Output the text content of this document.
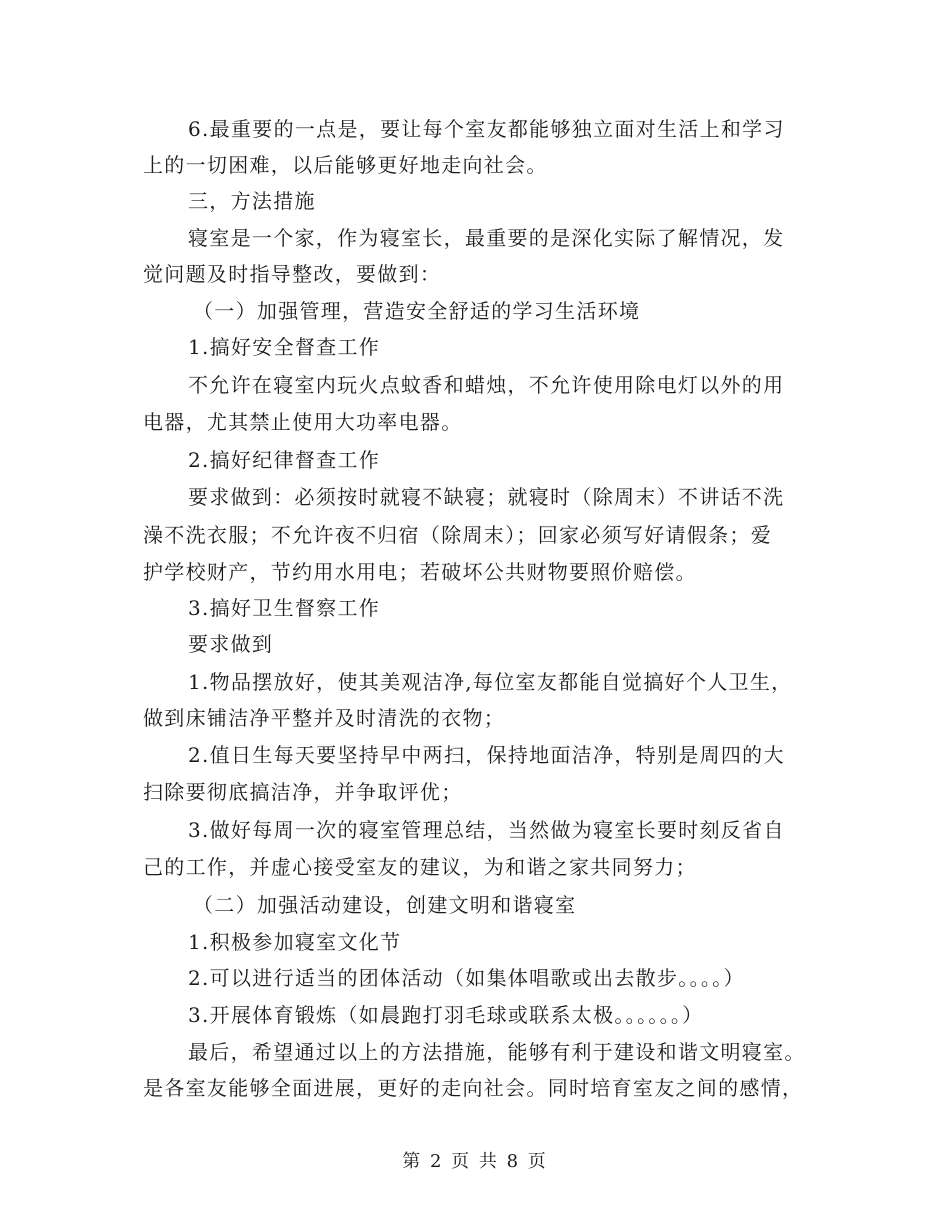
6.最重要的一点是，要让每个室友都能够独立面对生活上和学习
上的一切困难，以后能够更好地走向社会。
三，方法措施
寝室是一个家，作为寝室长，最重要的是深化实际了解情况，发
觉问题及时指导整改，要做到：
（一）加强管理，营造安全舒适的学习生活环境
1.搞好安全督查工作
不允许在寝室内玩火点蚊香和蜡烛，不允许使用除电灯以外的用
电器，尤其禁止使用大功率电器。
2.搞好纪律督查工作
要求做到：必须按时就寝不缺寝；就寝时（除周末）不讲话不洗
澡不洗衣服；不允许夜不归宿（除周末）；回家必须写好请假条；爱
护学校财产，节约用水用电；若破坏公共财物要照价赔偿。
3.搞好卫生督察工作
要求做到
1.物品摆放好，使其美观洁净,每位室友都能自觉搞好个人卫生，
做到床铺洁净平整并及时清洗的衣物；
2.值日生每天要坚持早中两扫，保持地面洁净，特别是周四的大
扫除要彻底搞洁净，并争取评优；
3.做好每周一次的寝室管理总结，当然做为寝室长要时刻反省自
己的工作，并虚心接受室友的建议，为和谐之家共同努力；
（二）加强活动建设，创建文明和谐寝室
1.积极参加寝室文化节
2.可以进行适当的团体活动（如集体唱歌或出去散步。。。。）
3.开展体育锻炼（如晨跑打羽毛球或联系太极。。。。。。）
最后，希望通过以上的方法措施，能够有利于建设和谐文明寝室。
是各室友能够全面进展，更好的走向社会。同时培育室友之间的感情，
第 2 页 共 8 页
